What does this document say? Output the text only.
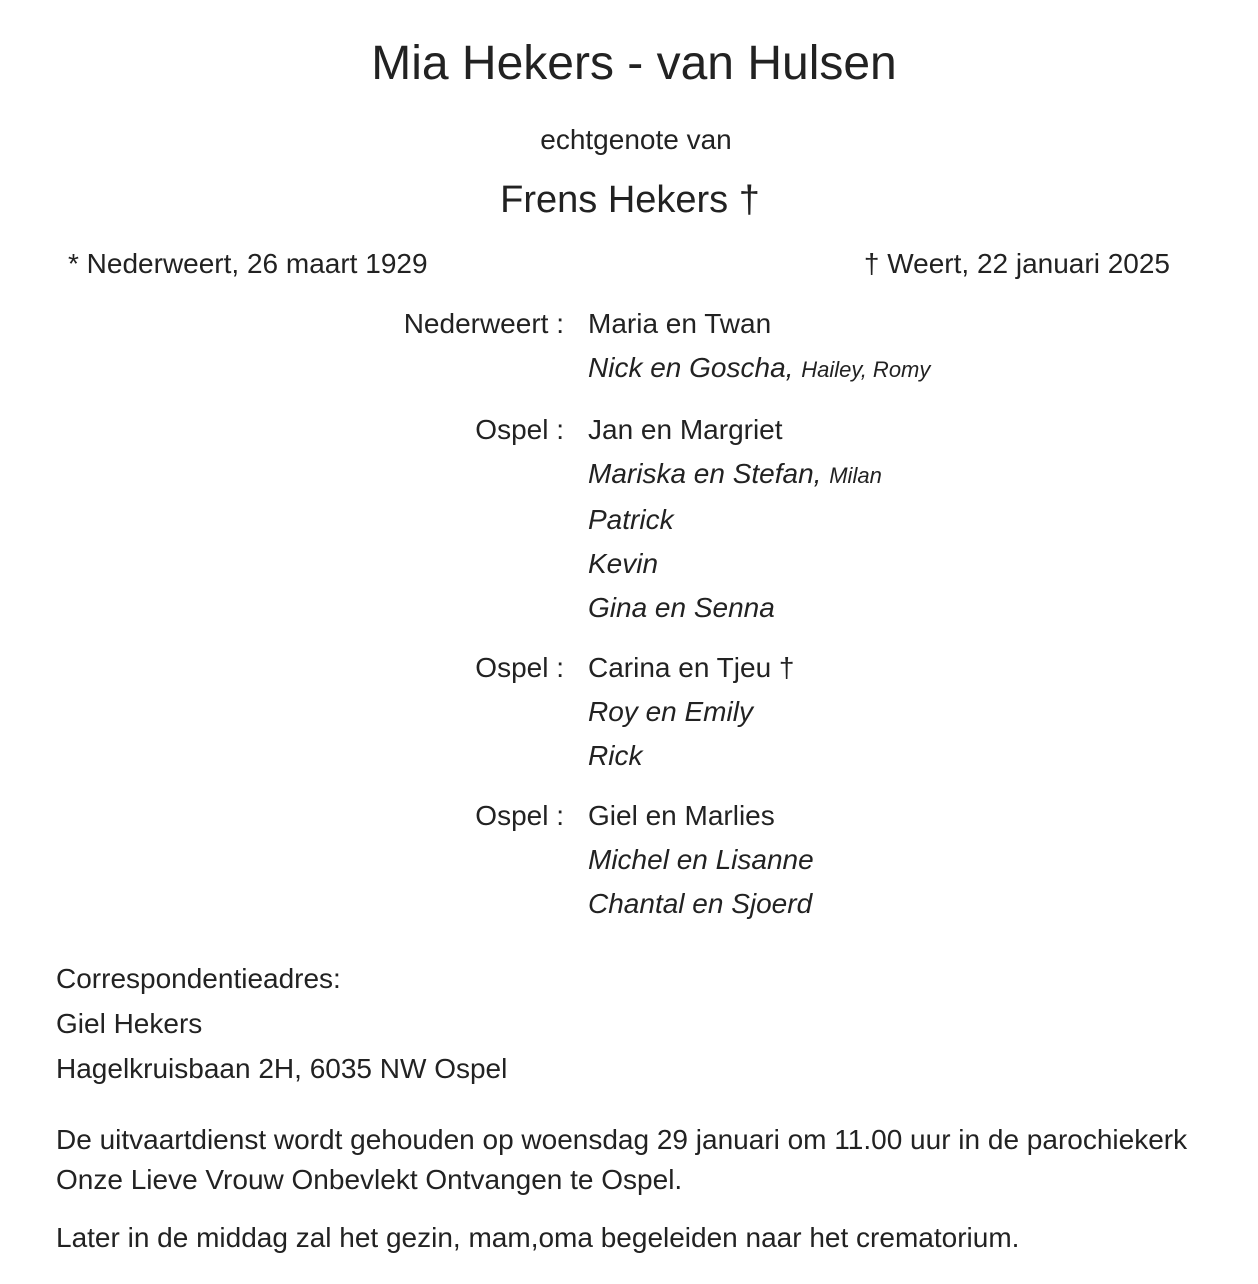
Mia Hekers - van Hulsen
echtgenote van
Frens Hekers †
* Nederweert, 26 maart 1929	† Weert, 22 januari 2025
Nederweert : Maria en Twan
Nick en Goscha, Hailey, Romy
Ospel : Jan en Margriet
Mariska en Stefan, Milan
Patrick
Kevin
Gina en Senna
Ospel : Carina en Tjeu †
Roy en Emily
Rick
Ospel : Giel en Marlies
Michel en Lisanne
Chantal en Sjoerd
Correspondentieadres:
Giel Hekers
Hagelkruisbaan 2H, 6035 NW Ospel

De uitvaartdienst wordt gehouden op woensdag 29 januari om 11.00 uur in de parochiekerk Onze Lieve Vrouw Onbevlekt Ontvangen te Ospel.

Later in de middag zal het gezin, mam,oma begeleiden naar het crematorium.
